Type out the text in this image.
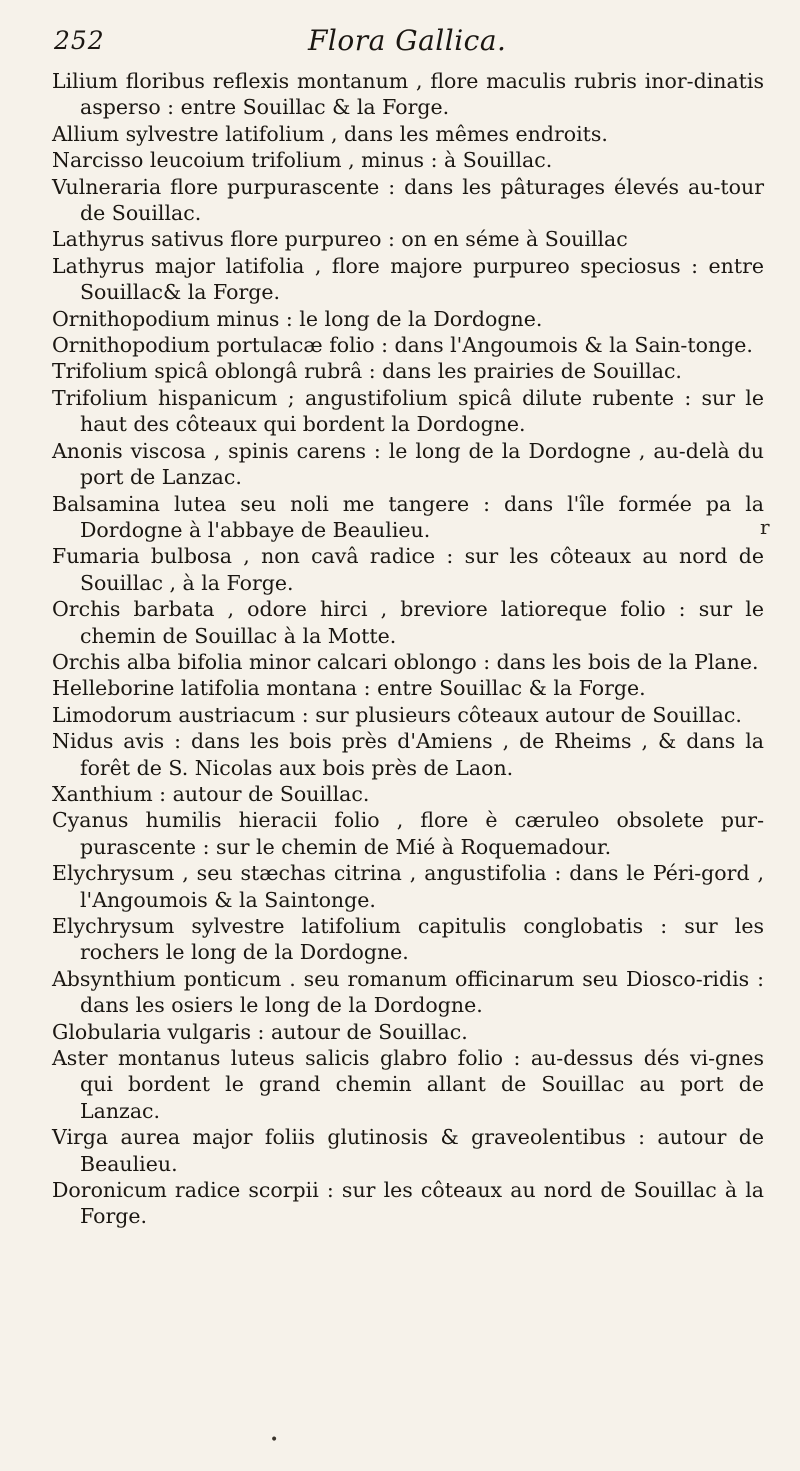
252	Flora Gallica.

Lilium floribus reflexis montanum , flore maculis rubris inor-dinatis asperso : entre Souillac & la Forge.

Allium sylvestre latifolium , dans les mêmes endroits.

Narcisso leucoium trifolium , minus : à Souillac.

Vulneraria flore purpurascente : dans les pâturages élevés au-tour de Souillac.

Lathyrus sativus flore purpureo : on en séme à Souillac

Lathyrus major latifolia , flore majore purpureo speciosus : entre Souillac& la Forge.

Ornithopodium minus : le long de la Dordogne.

Ornithopodium portulacæ folio : dans l'Angoumois & la Sain-tonge.

Trifolium spicâ oblongâ rubrâ : dans les prairies de Souillac.

Trifolium hispanicum ; angustifolium spicâ dilute rubente : sur le haut des côteaux qui bordent la Dordogne.

Anonis viscosa , spinis carens : le long de la Dordogne , au-delà du port de Lanzac.

Balsamina lutea seu noli me tangere : dans l'île formée pa la Dordogne à l'abbaye de Beaulieu.

Fumaria bulbosa , non cavâ radice : sur les côteaux au nord de Souillac , à la Forge.

Orchis barbata , odore hirci , breviore latioreque folio : sur le chemin de Souillac à la Motte.

Orchis alba bifolia minor calcari oblongo : dans les bois de la Plane.

Helleborine latifolia montana : entre Souillac & la Forge.

Limodorum austriacum : sur plusieurs côteaux autour de Souillac.

Nidus avis : dans les bois près d'Amiens , de Rheims , & dans la forêt de S. Nicolas aux bois près de Laon.

Xanthium : autour de Souillac.

Cyanus humilis hieracii folio , flore è cæruleo obsolete pur-purascente : sur le chemin de Mié à Roquemadour.

Elychrysum , seu stæchas citrina , angustifolia : dans le Péri-gord , l'Angoumois & la Saintonge.

Elychrysum sylvestre latifolium capitulis conglobatis : sur les rochers le long de la Dordogne.

Absynthium ponticum . seu romanum officinarum seu Diosco-ridis : dans les osiers le long de la Dordogne.

Globularia vulgaris : autour de Souillac.

Aster montanus luteus salicis glabro folio : au-dessus dés vi-gnes qui bordent le grand chemin allant de Souillac au port de Lanzac.

Virga aurea major foliis glutinosis & graveolentibus : autour de Beaulieu.

Doronicum radice scorpii : sur les côteaux au nord de Souillac à la Forge.

r
•
